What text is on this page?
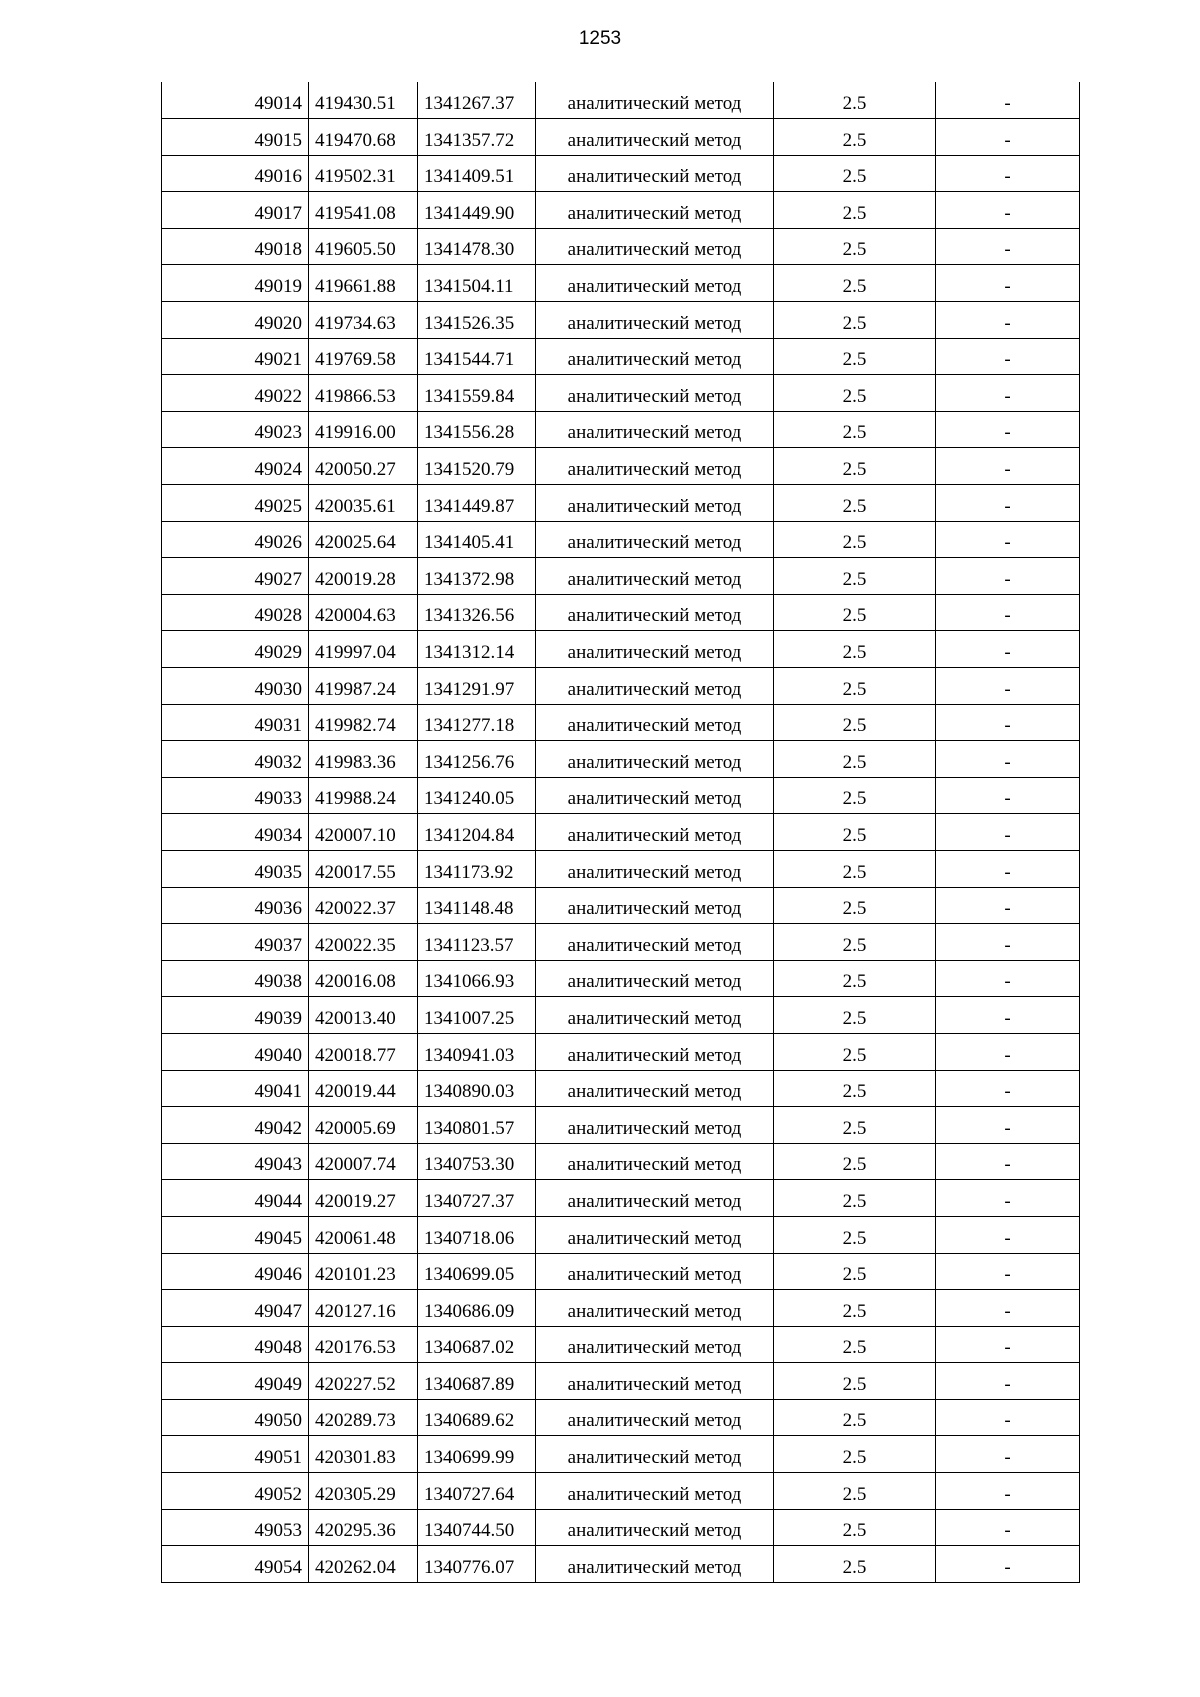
1253
49014	419430.51	1341267.37	аналитический метод	2.5	-
49015	419470.68	1341357.72	аналитический метод	2.5	-
49016	419502.31	1341409.51	аналитический метод	2.5	-
49017	419541.08	1341449.90	аналитический метод	2.5	-
49018	419605.50	1341478.30	аналитический метод	2.5	-
49019	419661.88	1341504.11	аналитический метод	2.5	-
49020	419734.63	1341526.35	аналитический метод	2.5	-
49021	419769.58	1341544.71	аналитический метод	2.5	-
49022	419866.53	1341559.84	аналитический метод	2.5	-
49023	419916.00	1341556.28	аналитический метод	2.5	-
49024	420050.27	1341520.79	аналитический метод	2.5	-
49025	420035.61	1341449.87	аналитический метод	2.5	-
49026	420025.64	1341405.41	аналитический метод	2.5	-
49027	420019.28	1341372.98	аналитический метод	2.5	-
49028	420004.63	1341326.56	аналитический метод	2.5	-
49029	419997.04	1341312.14	аналитический метод	2.5	-
49030	419987.24	1341291.97	аналитический метод	2.5	-
49031	419982.74	1341277.18	аналитический метод	2.5	-
49032	419983.36	1341256.76	аналитический метод	2.5	-
49033	419988.24	1341240.05	аналитический метод	2.5	-
49034	420007.10	1341204.84	аналитический метод	2.5	-
49035	420017.55	1341173.92	аналитический метод	2.5	-
49036	420022.37	1341148.48	аналитический метод	2.5	-
49037	420022.35	1341123.57	аналитический метод	2.5	-
49038	420016.08	1341066.93	аналитический метод	2.5	-
49039	420013.40	1341007.25	аналитический метод	2.5	-
49040	420018.77	1340941.03	аналитический метод	2.5	-
49041	420019.44	1340890.03	аналитический метод	2.5	-
49042	420005.69	1340801.57	аналитический метод	2.5	-
49043	420007.74	1340753.30	аналитический метод	2.5	-
49044	420019.27	1340727.37	аналитический метод	2.5	-
49045	420061.48	1340718.06	аналитический метод	2.5	-
49046	420101.23	1340699.05	аналитический метод	2.5	-
49047	420127.16	1340686.09	аналитический метод	2.5	-
49048	420176.53	1340687.02	аналитический метод	2.5	-
49049	420227.52	1340687.89	аналитический метод	2.5	-
49050	420289.73	1340689.62	аналитический метод	2.5	-
49051	420301.83	1340699.99	аналитический метод	2.5	-
49052	420305.29	1340727.64	аналитический метод	2.5	-
49053	420295.36	1340744.50	аналитический метод	2.5	-
49054	420262.04	1340776.07	аналитический метод	2.5	-
